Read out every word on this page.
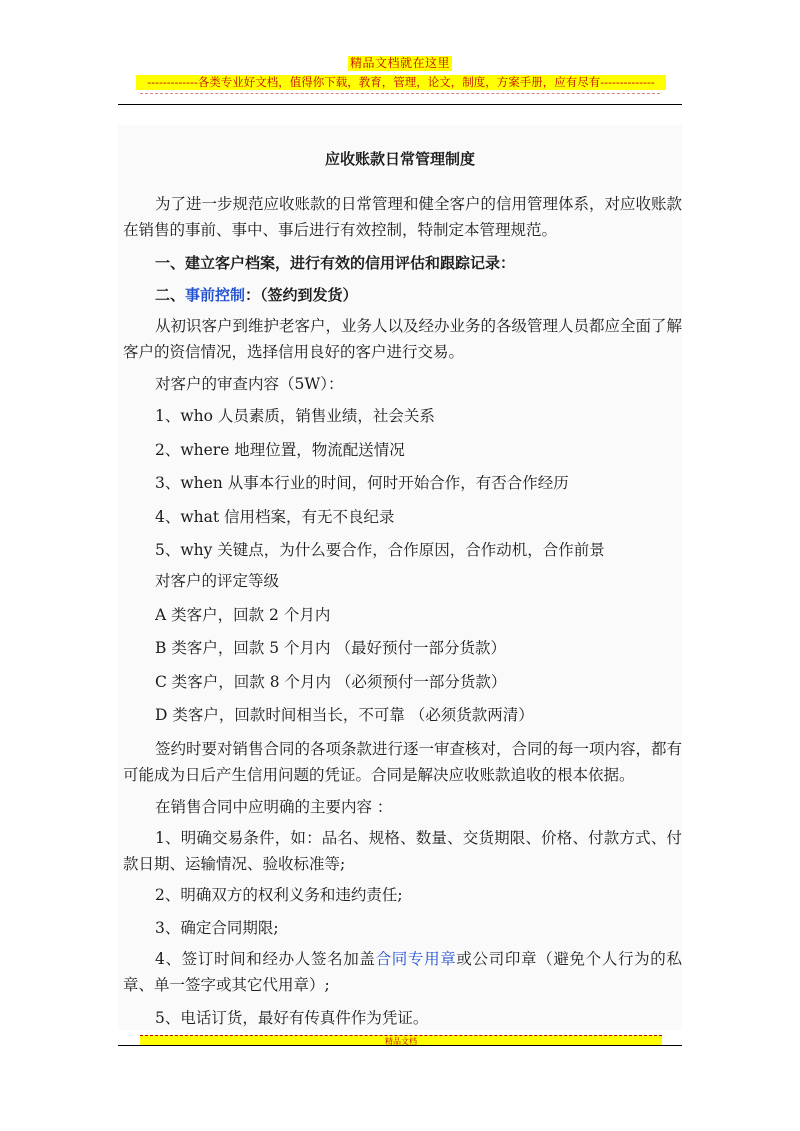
精品文档就在这里
-------------各类专业好文档，值得你下载，教育，管理，论文，制度，方案手册，应有尽有--------------
应收账款日常管理制度

为了进一步规范应收账款的日常管理和健全客户的信用管理体系，对应收账款在销售的事前、事中、事后进行有效控制，特制定本管理规范。

一、建立客户档案，进行有效的信用评估和跟踪记录：

二、事前控制：（签约到发货）

从初识客户到维护老客户，业务人以及经办业务的各级管理人员都应全面了解客户的资信情况，选择信用良好的客户进行交易。

对客户的审查内容（5W）：

1、who 人员素质，销售业绩，社会关系

2、where 地理位置，物流配送情况

3、when 从事本行业的时间，何时开始合作，有否合作经历

4、what 信用档案，有无不良纪录

5、why 关键点，为什么要合作，合作原因，合作动机，合作前景

对客户的评定等级

A 类客户，回款 2 个月内

B 类客户，回款 5 个月内 （最好预付一部分货款）

C 类客户，回款 8 个月内 （必须预付一部分货款）

D 类客户，回款时间相当长，不可靠 （必须货款两清）

签约时要对销售合同的各项条款进行逐一审查核对，合同的每一项内容，都有可能成为日后产生信用问题的凭证。合同是解决应收账款追收的根本依据。

在销售合同中应明确的主要内容 ：

1、明确交易条件，如：品名、规格、数量、交货期限、价格、付款方式、付款日期、运输情况、验收标准等;

2、明确双方的权利义务和违约责任;

3、确定合同期限;

4、签订时间和经办人签名加盖合同专用章或公司印章（避免个人行为的私章、单一签字或其它代用章）;

5、电话订货，最好有传真件作为凭证。

精品文档
